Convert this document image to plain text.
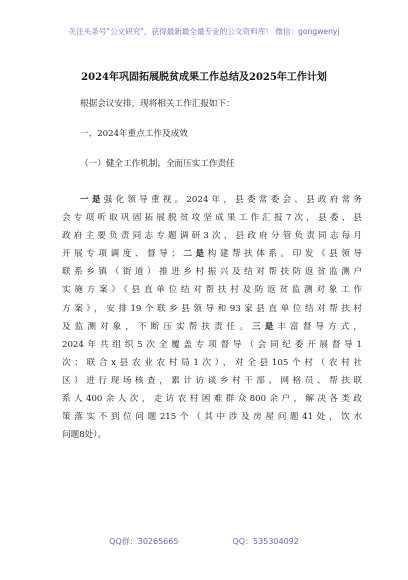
关注头条号"公文研究"，获得最新最全最专业的公文资料库！ 微信：gongwenyj
2024年巩固拓展脱贫成果工作总结及2025年工作计划
根据会议安排，现将相关工作汇报如下：
一、2024年重点工作及成效
（一）健全工作机制，全面压实工作责任
一是强化领导重视。2024年，县委常委会、县政府常务
会专项听取巩固拓展脱贫攻坚成果工作汇报7次，县委、县
政府主要负责同志专题调研3次，县政府分管负责同志每月
开展专项调度、督导；二是构建帮扶体系。印发《县领导
联系乡镇（街道）推进乡村振兴及结对帮扶防返贫监测户
实施方案》《县直单位结对帮扶村及防返贫监测对象工作
方案》，安排19个联乡县领导和93家县直单位结对帮扶村
及监测对象，不断压实帮扶责任。三是丰富督导方式，
2024年共组织5次全覆盖专项督导（会同纪委开展督导1
次；联合x县农业农村局1次），对全县105个村（农村社
区）进行现场核查，累计访谈乡村干部、网格员、帮扶联
系人400余人次，走访农村困难群众800余户，解决各类政
策落实不到位问题215个（其中涉及房屋问题41处，饮水
问题8处）。
QQ群：30265665	QQ：535304092
